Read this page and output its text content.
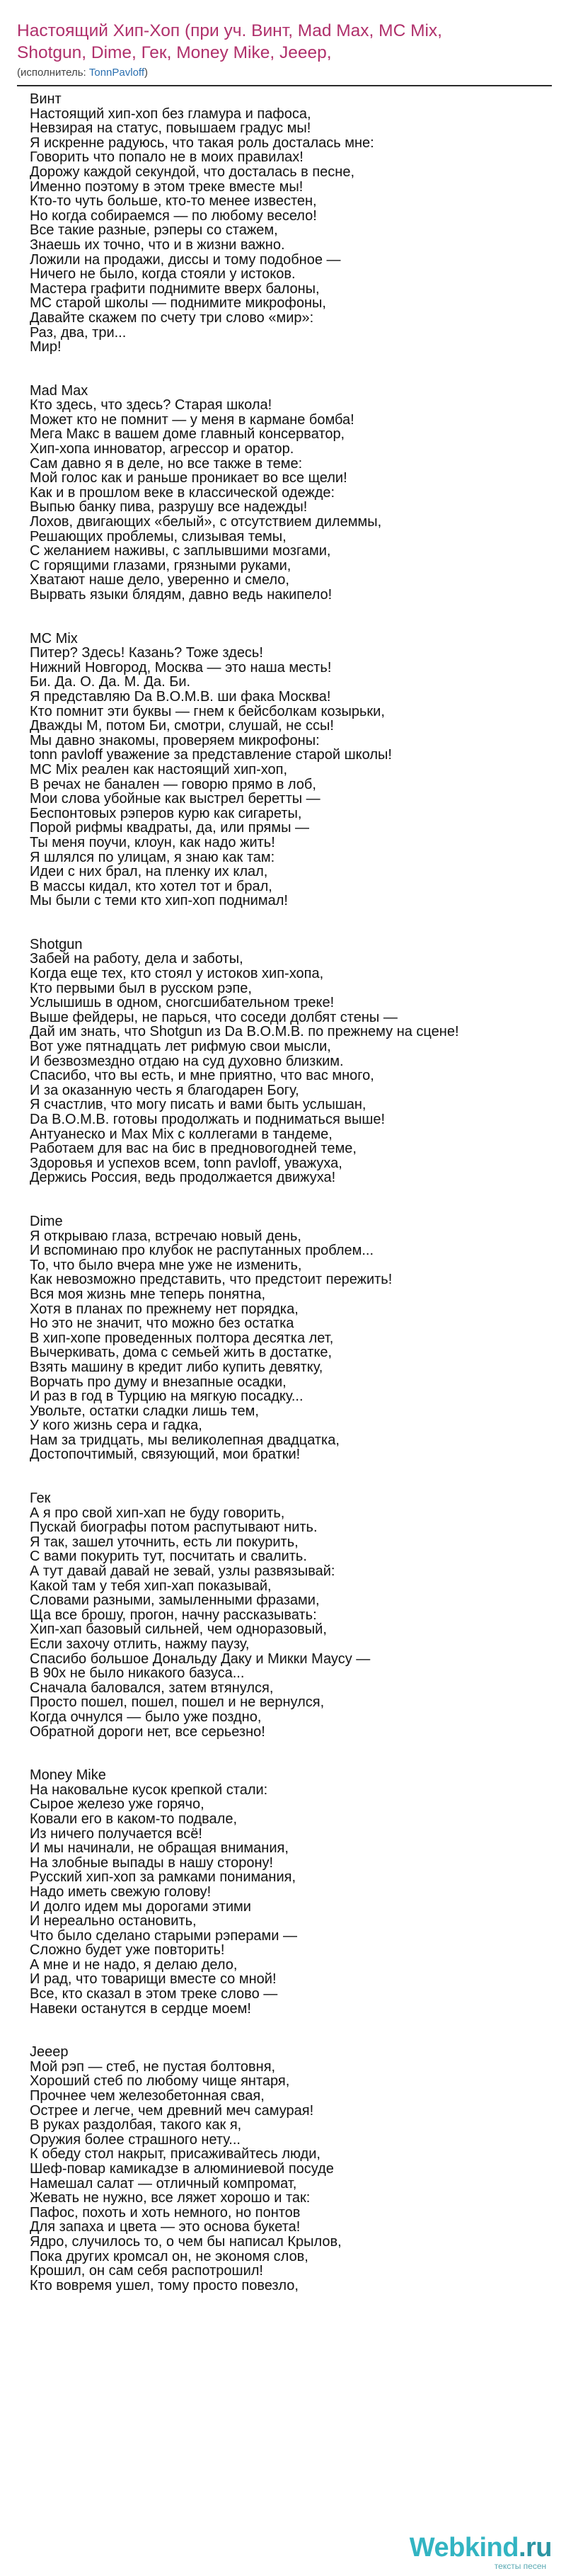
Настоящий Хип-Хоп (при уч. Винт, Mad Max, MC Mix,
Shotgun, Dime, Гек, Money Mike, Jeeep,
(исполнитель: TonnPavloff)
Винт
Настоящий хип-хоп без гламура и пафоса,
Невзирая на статус, повышаем градус мы!
Я искренне радуюсь, что такая роль досталась мне:
Говорить что попало не в моих правилах!
Дорожу каждой секундой, что досталась в песне,
Именно поэтому в этом треке вместе мы!
Кто-то чуть больше, кто-то менее известен,
Но когда собираемся — по любому весело!
Все такие разные, рэперы со стажем,
Знаешь их точно, что и в жизни важно.
Ложили на продажи, диссы и тому подобное —
Ничего не было, когда стояли у истоков.
Мастера графити поднимите вверх балоны,
МС старой школы — поднимите микрофоны,
Давайте скажем по счету три слово «мир»:
Раз, два, три...
Мир!
Mad Max
Кто здесь, что здесь? Старая школа!
Может кто не помнит — у меня в кармане бомба!
Мега Макс в вашем доме главный консерватор,
Хип-хопа инноватор, агрессор и оратор.
Сам давно я в деле, но все также в теме:
Мой голос как и раньше проникает во все щели!
Как и в прошлом веке в классической одежде:
Выпью банку пива, разрушу все надежды!
Лохов, двигающих «белый», с отсутствием дилеммы,
Решающих проблемы, слизывая темы,
С желанием наживы, с заплывшими мозгами,
С горящими глазами, грязными руками,
Хватают наше дело, уверенно и смело,
Вырвать языки блядям, давно ведь накипело!
MC Mix
Питер? Здесь! Казань? Тоже здесь!
Нижний Новгород, Москва — это наша месть!
Би. Да. О. Да. М. Да. Би.
Я представляю Da B.O.M.B. ши фака Москва!
Кто помнит эти буквы — гнем к бейсболкам козырьки,
Дважды М, потом Би, смотри, слушай, не ссы!
Мы давно знакомы, проверяем микрофоны:
tonn pavloff уважение за представление старой школы!
MC Mix реален как настоящий хип-хоп,
В речах не банален — говорю прямо в лоб,
Мои слова убойные как выстрел беретты —
Беспонтовых рэперов курю как сигареты,
Порой рифмы квадраты, да, или прямы —
Ты меня поучи, клоун, как надо жить!
Я шлялся по улицам, я знаю как там:
Идеи с них брал, на пленку их клал,
В массы кидал, кто хотел тот и брал,
Мы были с теми кто хип-хоп поднимал!
Shotgun
Забей на работу, дела и заботы,
Когда еще тех, кто стоял у истоков хип-хопа,
Кто первыми был в русском рэпе,
Услышишь в одном, сногсшибательном треке!
Выше фейдеры, не парься, что соседи долбят стены —
Дай им знать, что Shotgun из Da B.O.M.B. по прежнему на сцене!
Вот уже пятнадцать лет рифмую свои мысли,
И безвозмездно отдаю на суд духовно близким.
Спасибо, что вы есть, и мне приятно, что вас много,
И за оказанную честь я благодарен Богу,
Я счастлив, что могу писать и вами быть услышан,
Da B.O.M.B. готовы продолжать и подниматься выше!
Антуанеско и Max Mix с коллегами в тандеме,
Работаем для вас на бис в предновогодней теме,
Здоровья и успехов всем, tonn pavloff, уважуха,
Держись Россия, ведь продолжается движуха!
Dime
Я открываю глаза, встречаю новый день,
И вспоминаю про клубок не распутанных проблем...
То, что было вчера мне уже не изменить,
Как невозможно представить, что предстоит пережить!
Вся моя жизнь мне теперь понятна,
Хотя в планах по прежнему нет порядка,
Но это не значит, что можно без остатка
В хип-хопе проведенных полтора десятка лет,
Вычеркивать, дома с семьей жить в достатке,
Взять машину в кредит либо купить девятку,
Ворчать про думу и внезапные осадки,
И раз в год в Турцию на мягкую посадку...
Увольте, остатки сладки лишь тем,
У кого жизнь сера и гадка,
Нам за тридцать, мы великолепная двадцатка,
Достопочтимый, связующий, мои братки!
Гек
А я про свой хип-хап не буду говорить,
Пускай биографы потом распутывают нить.
Я так, зашел уточнить, есть ли покурить,
С вами покурить тут, посчитать и свалить.
А тут давай давай не зевай, узлы развязывай:
Какой там у тебя хип-хап показывай,
Словами разными, замыленными фразами,
Ща все брошу, прогон, начну рассказывать:
Хип-хап базовый сильней, чем одноразовый,
Если захочу отлить, нажму паузу,
Спасибо большое Дональду Даку и Микки Маусу —
В 90х не было никакого базуса...
Сначала баловался, затем втянулся,
Просто пошел, пошел, пошел и не вернулся,
Когда очнулся — было уже поздно,
Обратной дороги нет, все серьезно!
Money Mike
На наковальне кусок крепкой стали:
Сырое железо уже горячо,
Ковали его в каком-то подвале,
Из ничего получается всё!
И мы начинали, не обращая внимания,
На злобные выпады в нашу сторону!
Русский хип-хоп за рамками понимания,
Надо иметь свежую голову!
И долго идем мы дорогами этими
И нереально остановить,
Что было сделано старыми рэперами —
Сложно будет уже повторить!
А мне и не надо, я делаю дело,
И рад, что товарищи вместе со мной!
Все, кто сказал в этом треке слово —
Навеки останутся в сердце моем!
Jeeep
Мой рэп — стеб, не пустая болтовня,
Хороший стеб по любому чище янтаря,
Прочнее чем железобетонная свая,
Острее и легче, чем древний меч самурая!
В руках раздолбая, такого как я,
Оружия более страшного нету...
К обеду стол накрыт, присаживайтесь люди,
Шеф-повар камикадзе в алюминиевой посуде
Намешал салат — отличный компромат,
Жевать не нужно, все ляжет хорошо и так:
Пафос, похоть и хоть немного, но понтов
Для запаха и цвета — это основа букета!
Ядро, случилось то, о чем бы написал Крылов,
Пока других кромсал он, не экономя слов,
Крошил, он сам себя распотрошил!
Кто вовремя ушел, тому просто повезло,
Webkind.ru
тексты песен
